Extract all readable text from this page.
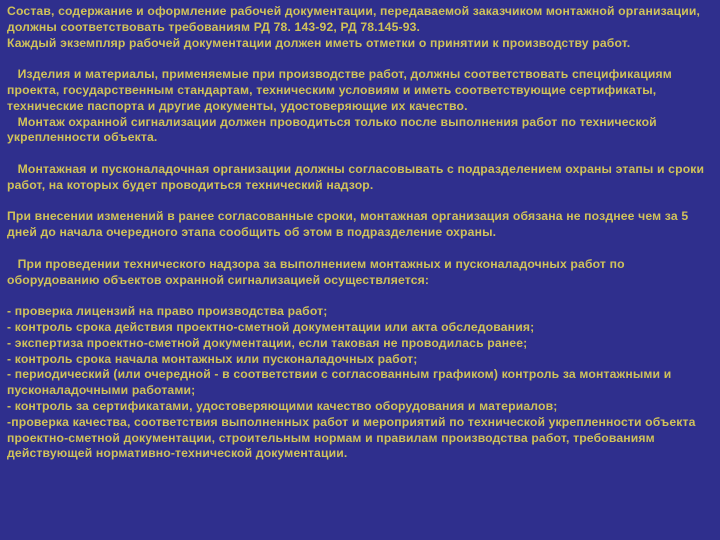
Состав, содержание и оформление рабочей документации, передаваемой заказчиком монтажной организации, должны соответствовать требованиям РД 78. 143-92, РД 78.145-93.

Каждый экземпляр рабочей документации должен иметь отметки о принятии к производству работ.

Изделия и материалы, применяемые при производстве работ, должны соответствовать спецификациям проекта, государственным стандартам, техническим условиям и иметь соответствующие сертификаты, технические паспорта и другие документы, удостоверяющие их качество.

Монтаж охранной сигнализации должен проводиться только после выполнения работ по технической укрепленности объекта.

Монтажная и пусконаладочная организации должны согласовывать с подразделением охраны этапы и сроки работ, на которых будет проводиться технический надзор.

При внесении изменений в ранее согласованные сроки, монтажная организация обязана не позднее чем за 5 дней до начала очередного этапа сообщить об этом в подразделение охраны.

При проведении технического надзора за выполнением монтажных и пусконаладочных работ по оборудованию объектов охранной сигнализацией осуществляется:

- проверка лицензий на право производства работ;

- контроль срока действия проектно-сметной документации или акта обследования;

- экспертиза проектно-сметной документации, если таковая не проводилась ранее;

- контроль срока начала монтажных или пусконаладочных работ;

- периодический (или очередной - в соответствии с согласованным графиком) контроль за монтажными и пусконаладочными работами;

- контроль за сертификатами, удостоверяющими качество оборудования и материалов;

-проверка качества, соответствия выполненных работ и мероприятий по технической укрепленности объекта проектно-сметной документации, строительным нормам и правилам производства работ, требованиям действующей нормативно-технической документации.
